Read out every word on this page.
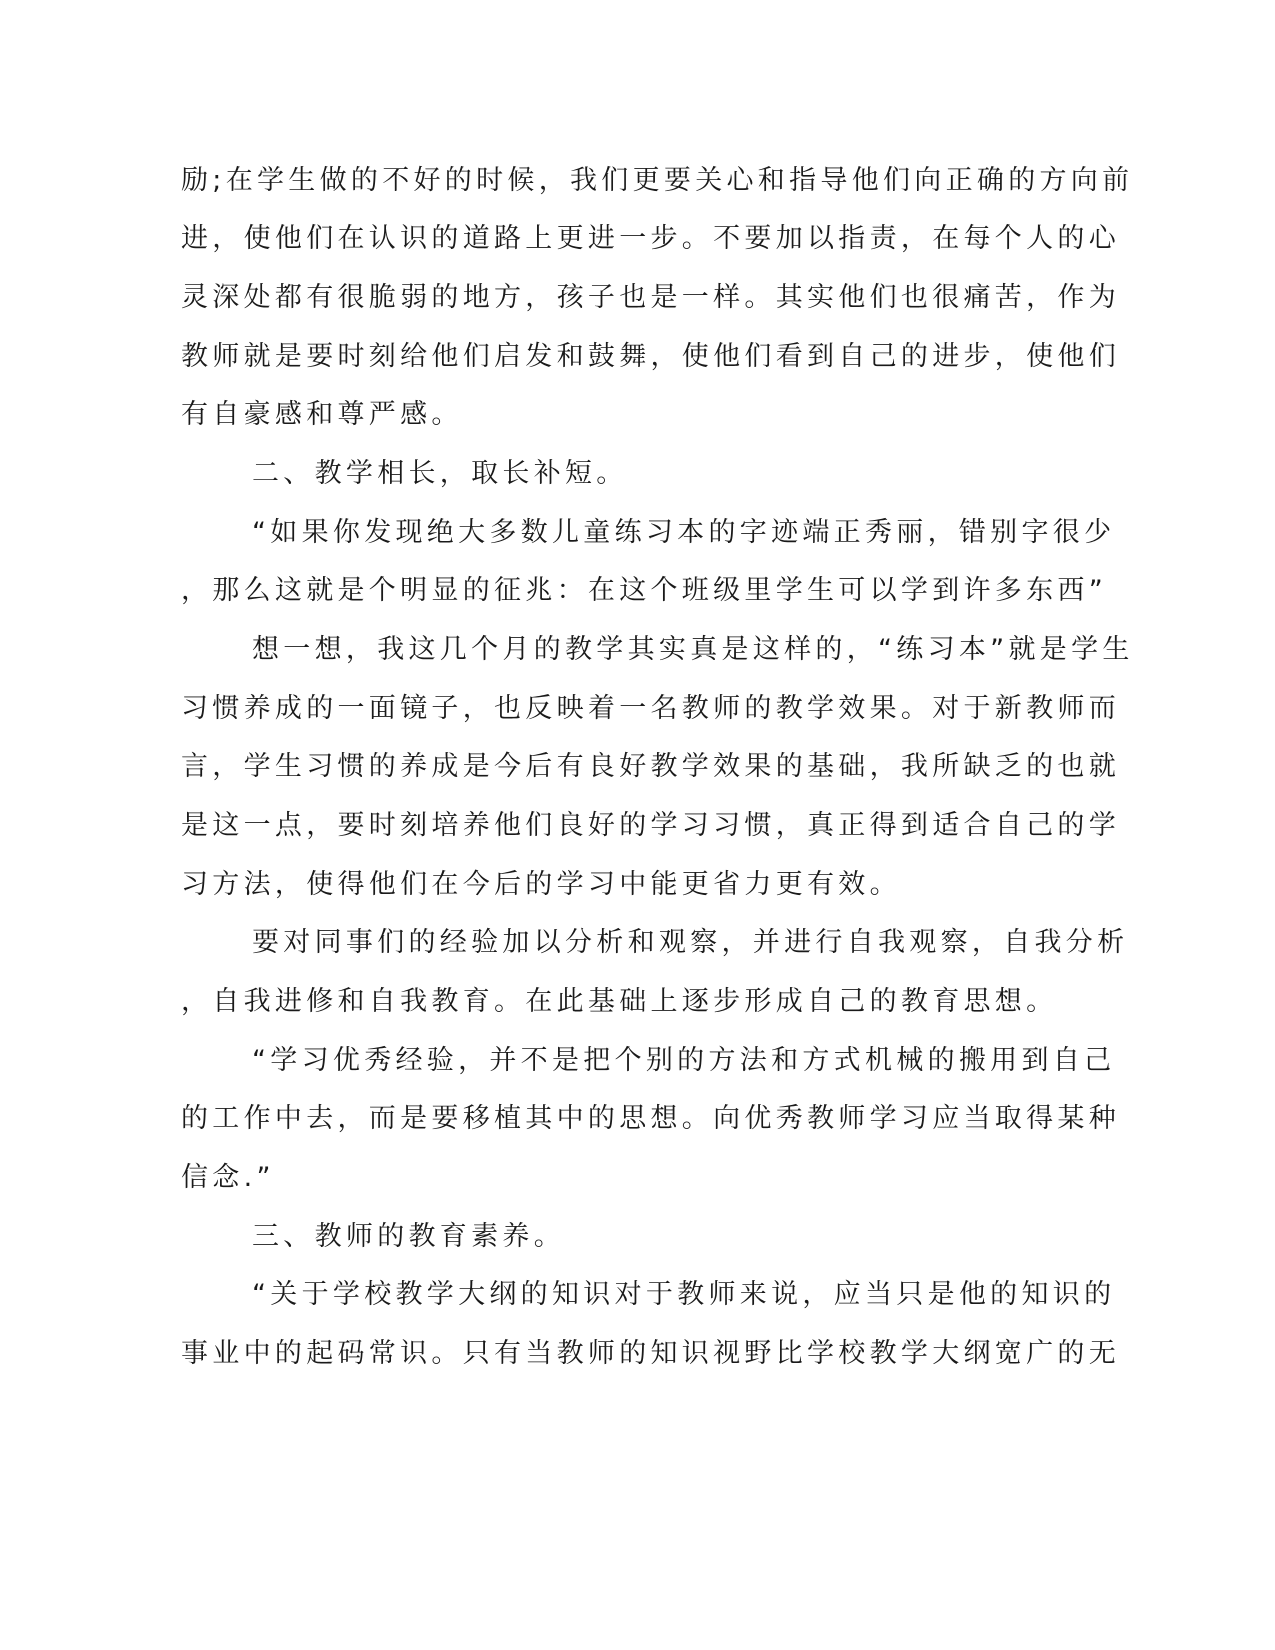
励;在学生做的不好的时候，我们更要关心和指导他们向正确的方向前
进，使他们在认识的道路上更进一步。不要加以指责，在每个人的心
灵深处都有很脆弱的地方，孩子也是一样。其实他们也很痛苦，作为
教师就是要时刻给他们启发和鼓舞，使他们看到自己的进步，使他们
有自豪感和尊严感。
二、教学相长，取长补短。
“如果你发现绝大多数儿童练习本的字迹端正秀丽，错别字很少
，那么这就是个明显的征兆：在这个班级里学生可以学到许多东西”
想一想，我这几个月的教学其实真是这样的，“练习本”就是学生
习惯养成的一面镜子，也反映着一名教师的教学效果。对于新教师而
言，学生习惯的养成是今后有良好教学效果的基础，我所缺乏的也就
是这一点，要时刻培养他们良好的学习习惯，真正得到适合自己的学
习方法，使得他们在今后的学习中能更省力更有效。
要对同事们的经验加以分析和观察，并进行自我观察，自我分析
，自我进修和自我教育。在此基础上逐步形成自己的教育思想。
“学习优秀经验，并不是把个别的方法和方式机械的搬用到自己
的工作中去，而是要移植其中的思想。向优秀教师学习应当取得某种
信念.”
三、教师的教育素养。
“关于学校教学大纲的知识对于教师来说，应当只是他的知识的
事业中的起码常识。只有当教师的知识视野比学校教学大纲宽广的无
